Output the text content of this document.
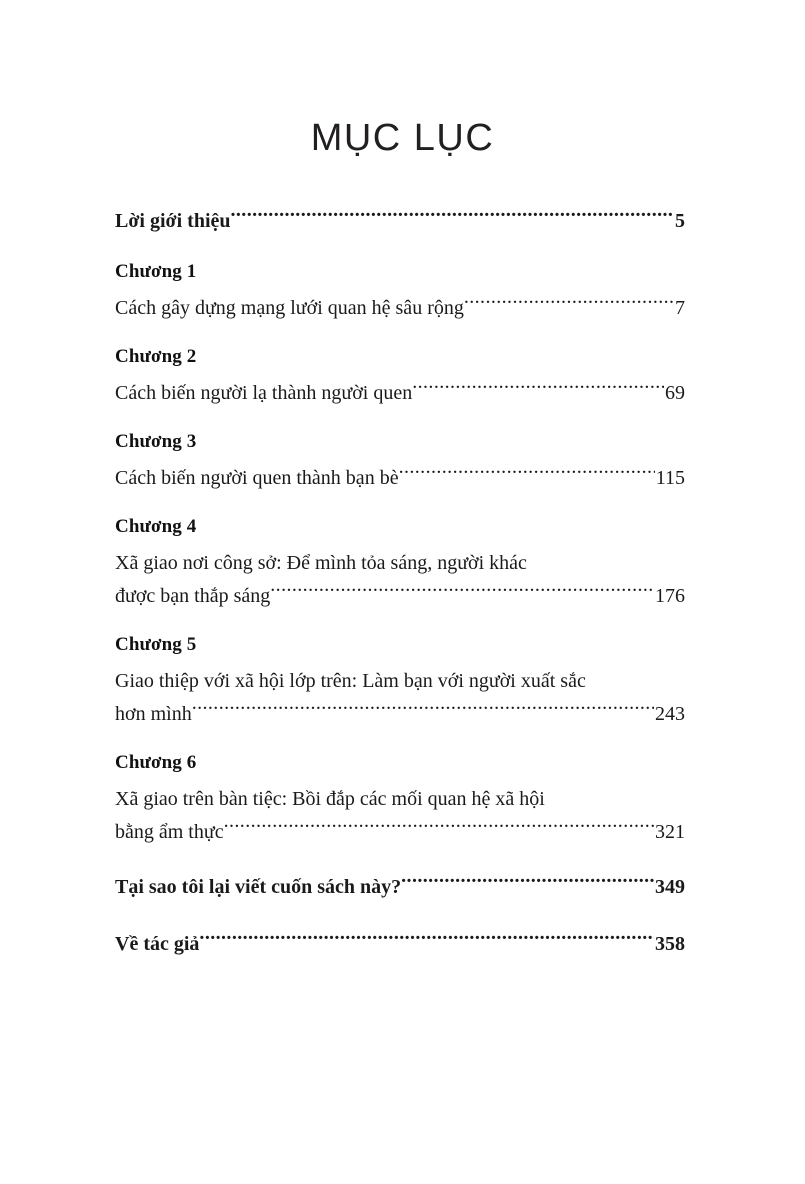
MỤC LỤC
Lời giới thiệu .....	5
Chương 1
Cách gây dựng mạng lưới quan hệ sâu rộng .....	7
Chương 2
Cách biến người lạ thành người quen .....	69
Chương 3
Cách biến người quen thành bạn bè .....	115
Chương 4
Xã giao nơi công sở: Để mình tỏa sáng, người khác
được bạn thắp sáng .....	176
Chương 5
Giao thiệp với xã hội lớp trên: Làm bạn với người xuất sắc
hơn mình .....	243
Chương 6
Xã giao trên bàn tiệc: Bồi đắp các mối quan hệ xã hội
bằng ẩm thực .....	321
Tại sao tôi lại viết cuốn sách này? .....	349
Về tác giả .....	358
